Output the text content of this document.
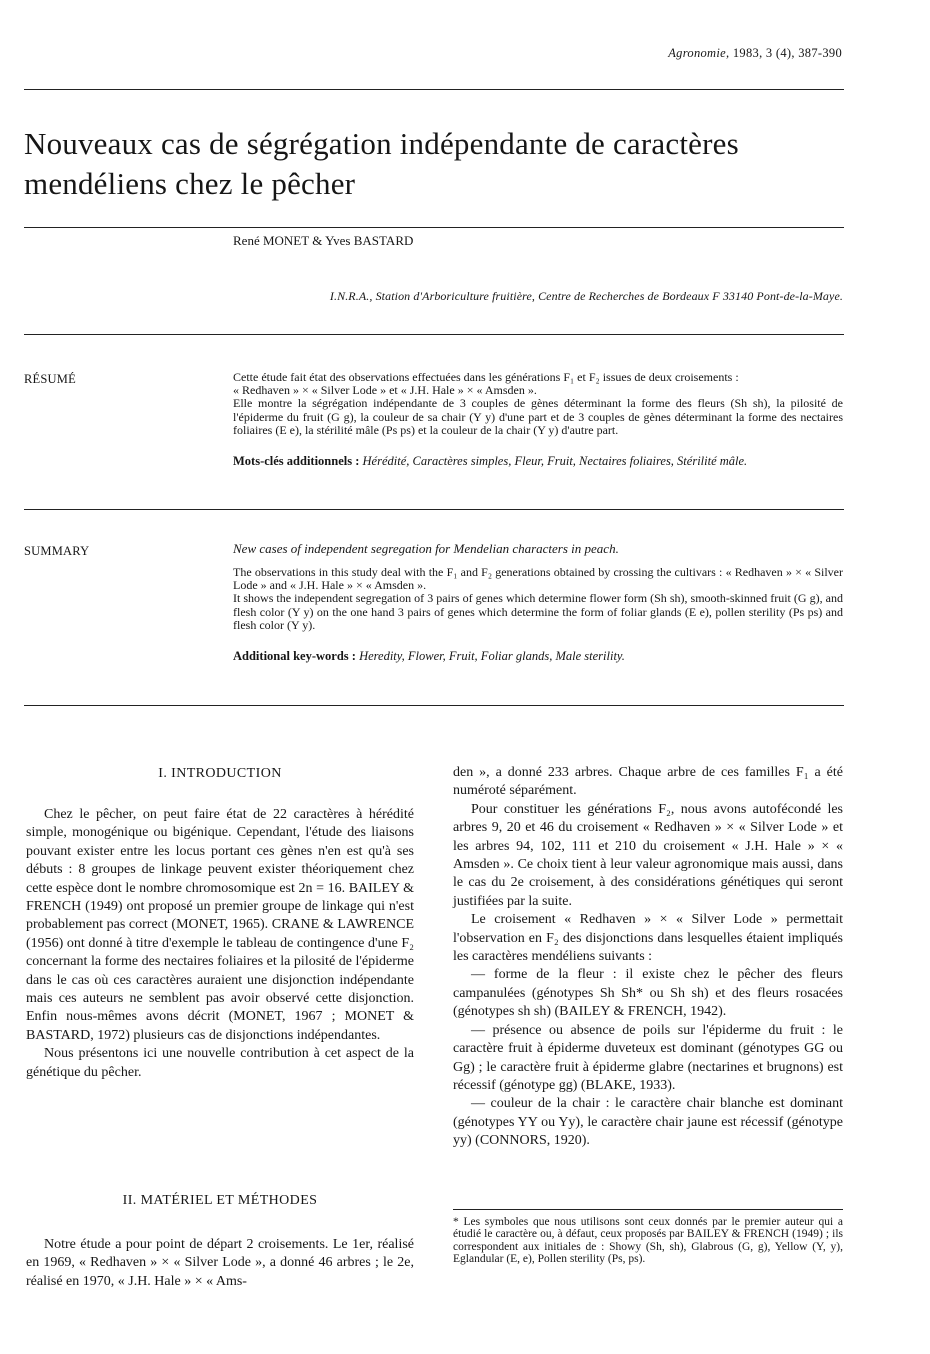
Agronomie, 1983, 3 (4), 387-390
Nouveaux cas de ségrégation indépendante de caractères
mendéliens chez le pêcher
René MONET & Yves BASTARD
I.N.R.A., Station d'Arboriculture fruitière, Centre de Recherches de Bordeaux F 33140 Pont-de-la-Maye.
RÉSUMÉ	Cette étude fait état des observations effectuées dans les générations F₁ et F₂ issues de deux croisements :

« Redhaven » × « Silver Lode » et « J.H. Hale » × « Amsden ».

Elle montre la ségrégation indépendante de 3 couples de gènes déterminant la forme des fleurs (Sh sh), la pilosité de l'épiderme du fruit (G g), la couleur de sa chair (Y y) d'une part et de 3 couples de gènes déterminant la forme des nectaires foliaires (E e), la stérilité mâle (Ps ps) et la couleur de la chair (Y y) d'autre part.

Mots-clés additionnels : Hérédité, Caractères simples, Fleur, Fruit, Nectaires foliaires, Stérilité mâle.
SUMMARY	New cases of independent segregation for Mendelian characters in peach.

The observations in this study deal with the F₁ and F₂ generations obtained by crossing the cultivars : « Redhaven » × « Silver Lode » and « J.H. Hale » × « Amsden ».

It shows the independent segregation of 3 pairs of genes which determine flower form (Sh sh), smooth-skinned fruit (G g), and flesh color (Y y) on the one hand 3 pairs of genes which determine the form of foliar glands (E e), pollen sterility (Ps ps) and flesh color (Y y).

Additional key-words : Heredity, Flower, Fruit, Foliar glands, Male sterility.
I. INTRODUCTION

Chez le pêcher, on peut faire état de 22 caractères à hérédité simple, monogénique ou bigénique. Cependant, l'étude des liaisons pouvant exister entre les locus portant ces gènes n'en est qu'à ses débuts : 8 groupes de linkage peuvent exister théoriquement chez cette espèce dont le nombre chromosomique est 2n = 16. BAILEY & FRENCH (1949) ont proposé un premier groupe de linkage qui n'est probablement pas correct (MONET, 1965). CRANE & LAWRENCE (1956) ont donné à titre d'exemple le tableau de contingence d'une F₂ concernant la forme des nectaires foliaires et la pilosité de l'épiderme dans le cas où ces caractères auraient une disjonction indépendante mais ces auteurs ne semblent pas avoir observé cette disjonction. Enfin nous-mêmes avons décrit (MONET, 1967 ; MONET & BASTARD, 1972) plusieurs cas de disjonctions indépendantes.

Nous présentons ici une nouvelle contribution à cet aspect de la génétique du pêcher.

II. MATÉRIEL ET MÉTHODES

Notre étude a pour point de départ 2 croisements. Le 1er, réalisé en 1969, « Redhaven » × « Silver Lode », a donné 46 arbres ; le 2e, réalisé en 1970, « J.H. Hale » × « Ams-

den », a donné 233 arbres. Chaque arbre de ces familles F₁ a été numéroté séparément.

Pour constituer les générations F₂, nous avons autofécondé les arbres 9, 20 et 46 du croisement « Redhaven » × « Silver Lode » et les arbres 94, 102, 111 et 210 du croisement « J.H. Hale » × « Amsden ». Ce choix tient à leur valeur agronomique mais aussi, dans le cas du 2e croisement, à des considérations génétiques qui seront justifiées par la suite.

Le croisement « Redhaven » × « Silver Lode » permettait l'observation en F₂ des disjonctions dans lesquelles étaient impliqués les caractères mendéliens suivants :

— forme de la fleur : il existe chez le pêcher des fleurs campanulées (génotypes Sh Sh* ou Sh sh) et des fleurs rosacées (génotypes sh sh) (BAILEY & FRENCH, 1942).

— présence ou absence de poils sur l'épiderme du fruit : le caractère fruit à épiderme duveteux est dominant (génotypes GG ou Gg) ; le caractère fruit à épiderme glabre (nectarines et brugnons) est récessif (génotype gg) (BLAKE, 1933).

— couleur de la chair : le caractère chair blanche est dominant (génotypes YY ou Yy), le caractère chair jaune est récessif (génotype yy) (CONNORS, 1920).

* Les symboles que nous utilisons sont ceux donnés par le premier auteur qui a étudié le caractère ou, à défaut, ceux proposés par BAILEY & FRENCH (1949) ; ils correspondent aux initiales de : Showy (Sh, sh), Glabrous (G, g), Yellow (Y, y), Eglandular (E, e), Pollen sterility (Ps, ps).
